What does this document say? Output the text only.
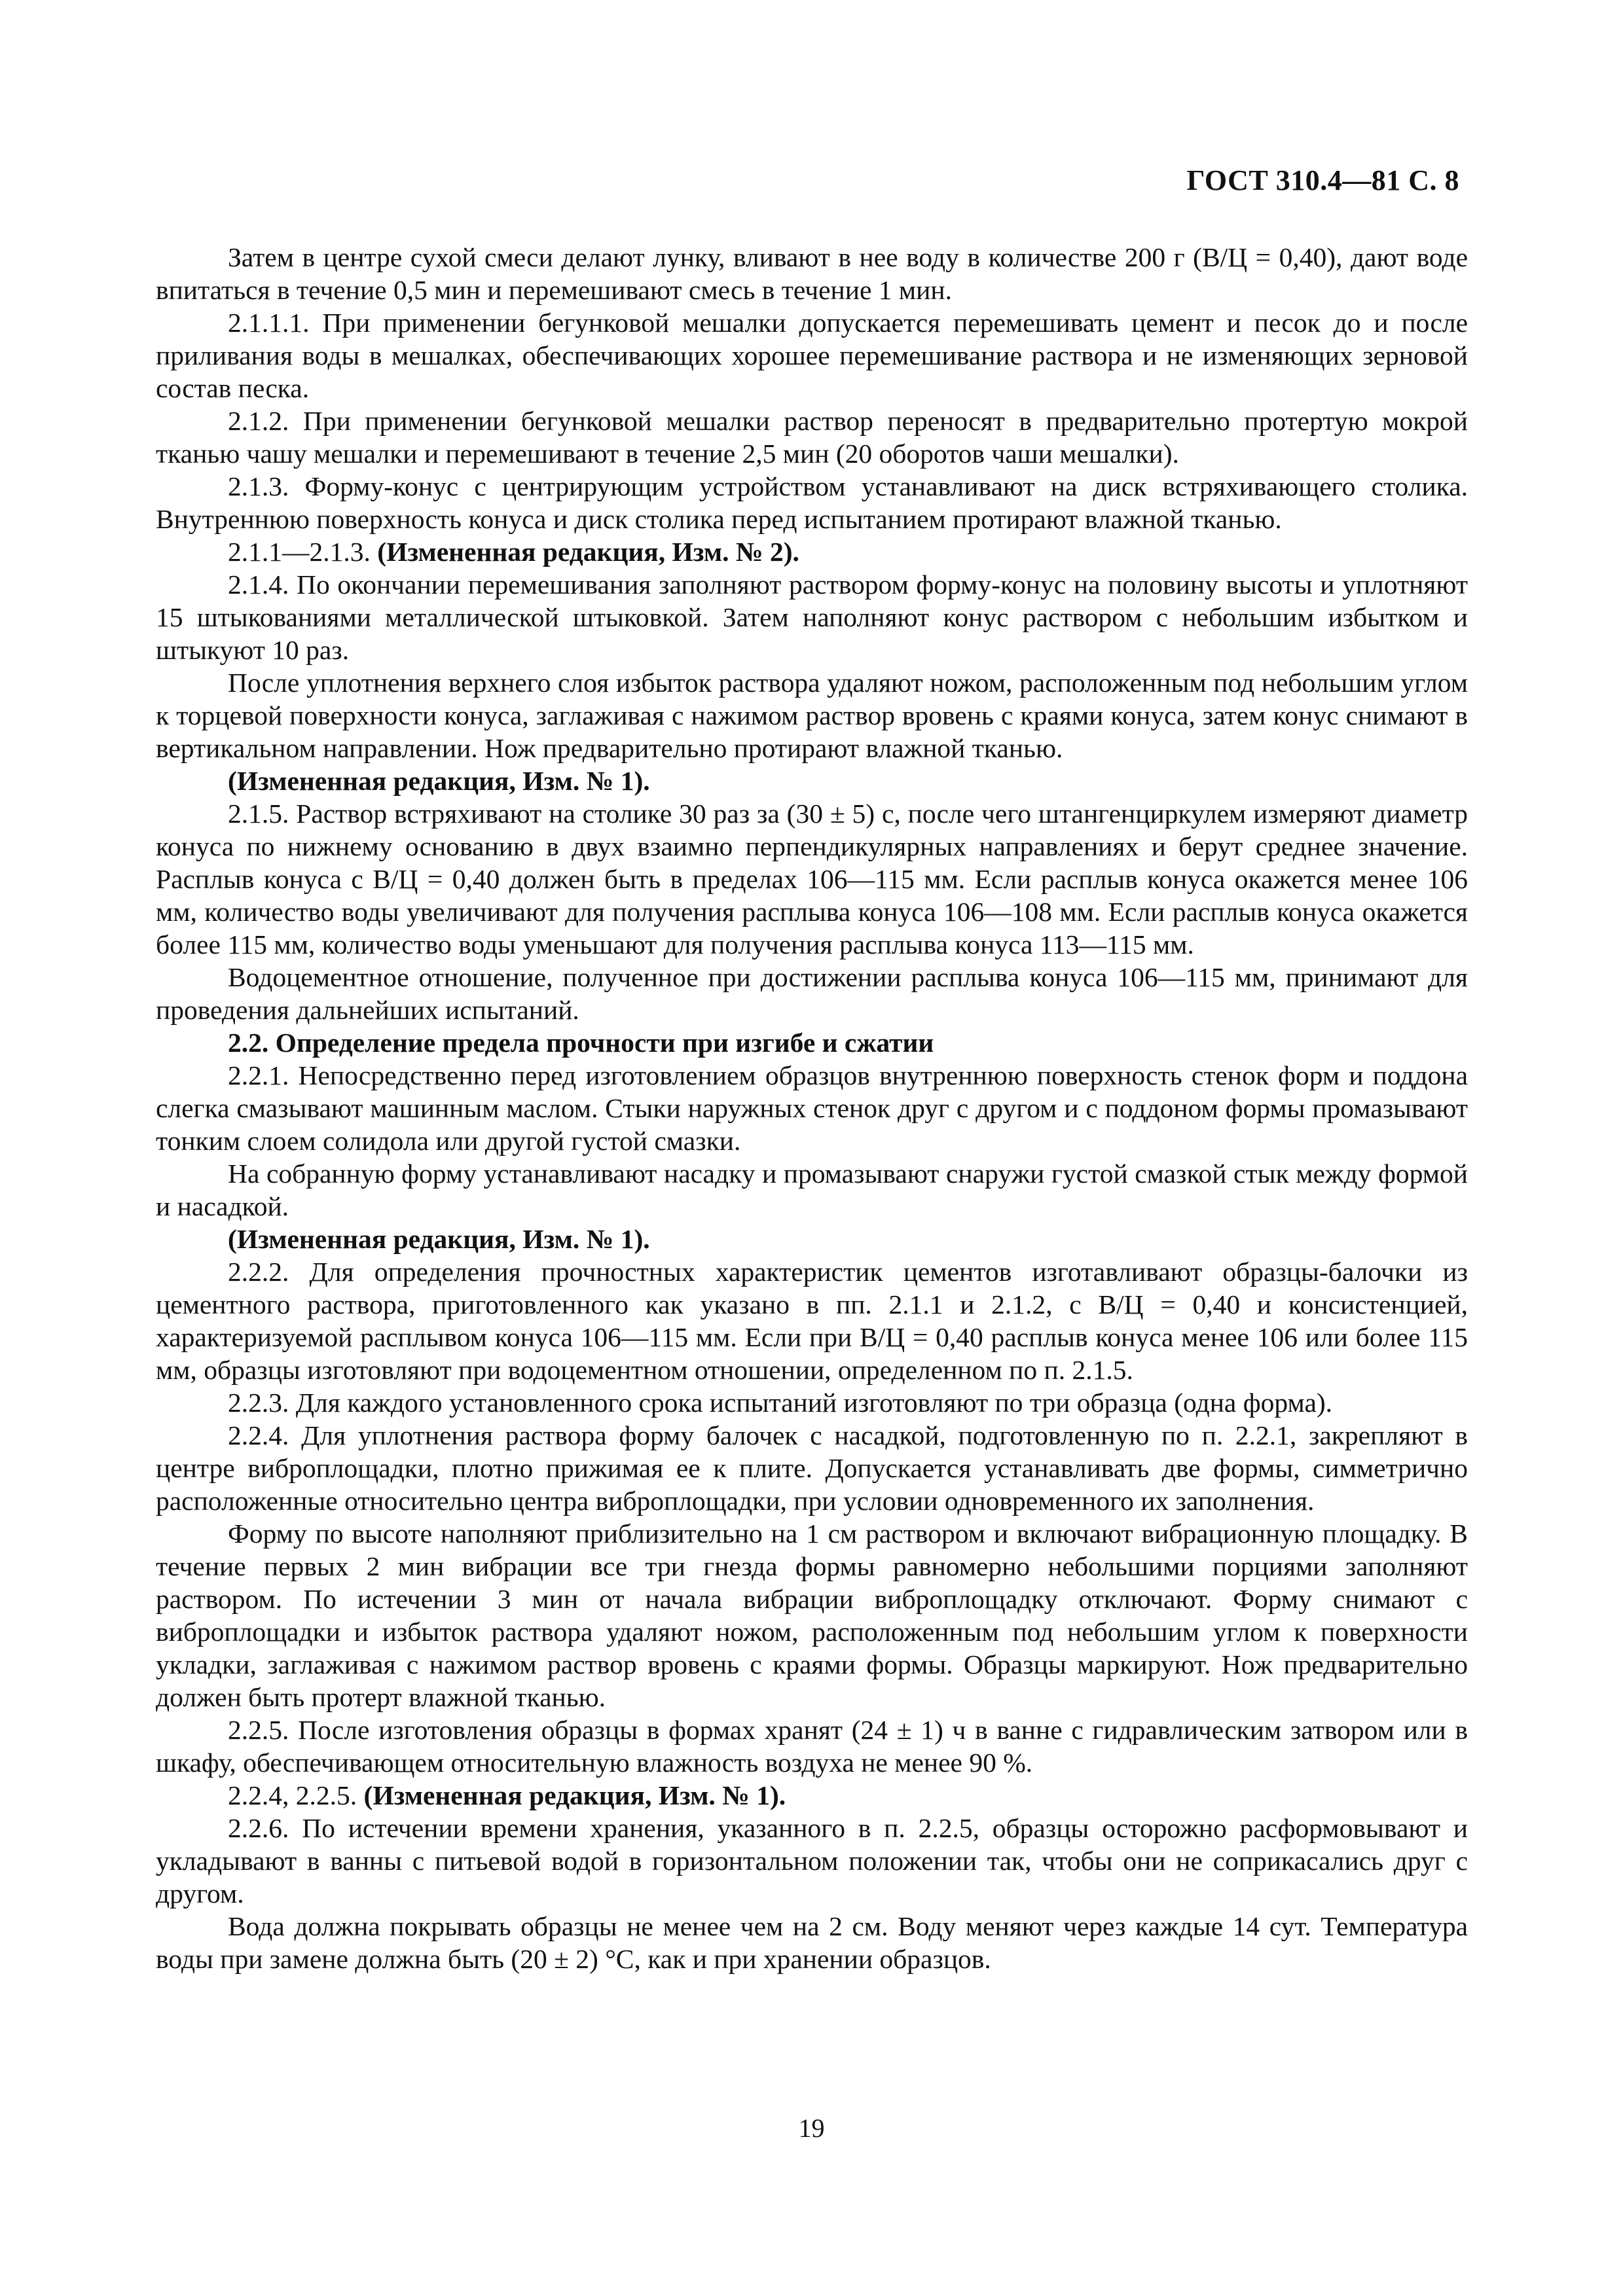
ГОСТ 310.4—81 С. 8

Затем в центре сухой смеси делают лунку, вливают в нее воду в количестве 200 г (В/Ц = 0,40), дают воде впитаться в течение 0,5 мин и перемешивают смесь в течение 1 мин.

2.1.1.1. При применении бегунковой мешалки допускается перемешивать цемент и песок до и после приливания воды в мешалках, обеспечивающих хорошее перемешивание раствора и не изменяющих зерновой состав песка.

2.1.2. При применении бегунковой мешалки раствор переносят в предварительно протертую мокрой тканью чашу мешалки и перемешивают в течение 2,5 мин (20 оборотов чаши мешалки).

2.1.3. Форму-конус с центрирующим устройством устанавливают на диск встряхивающего столика. Внутреннюю поверхность конуса и диск столика перед испытанием протирают влажной тканью.

2.1.1—2.1.3. (Измененная редакция, Изм. № 2).

2.1.4. По окончании перемешивания заполняют раствором форму-конус на половину высоты и уплотняют 15 штыкованиями металлической штыковкой. Затем наполняют конус раствором с небольшим избытком и штыкуют 10 раз.

После уплотнения верхнего слоя избыток раствора удаляют ножом, расположенным под небольшим углом к торцевой поверхности конуса, заглаживая с нажимом раствор вровень с краями конуса, затем конус снимают в вертикальном направлении. Нож предварительно протирают влажной тканью.

(Измененная редакция, Изм. № 1).

2.1.5. Раствор встряхивают на столике 30 раз за (30 ± 5) с, после чего штангенциркулем измеряют диаметр конуса по нижнему основанию в двух взаимно перпендикулярных направлениях и берут среднее значение. Расплыв конуса с В/Ц = 0,40 должен быть в пределах 106—115 мм. Если расплыв конуса окажется менее 106 мм, количество воды увеличивают для получения расплыва конуса 106—108 мм. Если расплыв конуса окажется более 115 мм, количество воды уменьшают для получения расплыва конуса 113—115 мм.

Водоцементное отношение, полученное при достижении расплыва конуса 106—115 мм, принимают для проведения дальнейших испытаний.

2.2. Определение предела прочности при изгибе и сжатии

2.2.1. Непосредственно перед изготовлением образцов внутреннюю поверхность стенок форм и поддона слегка смазывают машинным маслом. Стыки наружных стенок друг с другом и с поддоном формы промазывают тонким слоем солидола или другой густой смазки.

На собранную форму устанавливают насадку и промазывают снаружи густой смазкой стык между формой и насадкой.

(Измененная редакция, Изм. № 1).

2.2.2. Для определения прочностных характеристик цементов изготавливают образцы-балочки из цементного раствора, приготовленного как указано в пп. 2.1.1 и 2.1.2, с В/Ц = 0,40 и консистенцией, характеризуемой расплывом конуса 106—115 мм. Если при В/Ц = 0,40 расплыв конуса менее 106 или более 115 мм, образцы изготовляют при водоцементном отношении, определенном по п. 2.1.5.

2.2.3. Для каждого установленного срока испытаний изготовляют по три образца (одна форма).

2.2.4. Для уплотнения раствора форму балочек с насадкой, подготовленную по п. 2.2.1, закрепляют в центре виброплощадки, плотно прижимая ее к плите. Допускается устанавливать две формы, симметрично расположенные относительно центра виброплощадки, при условии одновременного их заполнения.

Форму по высоте наполняют приблизительно на 1 см раствором и включают вибрационную площадку. В течение первых 2 мин вибрации все три гнезда формы равномерно небольшими порциями заполняют раствором. По истечении 3 мин от начала вибрации виброплощадку отключают. Форму снимают с виброплощадки и избыток раствора удаляют ножом, расположенным под небольшим углом к поверхности укладки, заглаживая с нажимом раствор вровень с краями формы. Образцы маркируют. Нож предварительно должен быть протерт влажной тканью.

2.2.5. После изготовления образцы в формах хранят (24 ± 1) ч в ванне с гидравлическим затвором или в шкафу, обеспечивающем относительную влажность воздуха не менее 90 %.

2.2.4, 2.2.5. (Измененная редакция, Изм. № 1).

2.2.6. По истечении времени хранения, указанного в п. 2.2.5, образцы осторожно расформовывают и укладывают в ванны с питьевой водой в горизонтальном положении так, чтобы они не соприкасались друг с другом.

Вода должна покрывать образцы не менее чем на 2 см. Воду меняют через каждые 14 сут. Температура воды при замене должна быть (20 ± 2) °С, как и при хранении образцов.

19
